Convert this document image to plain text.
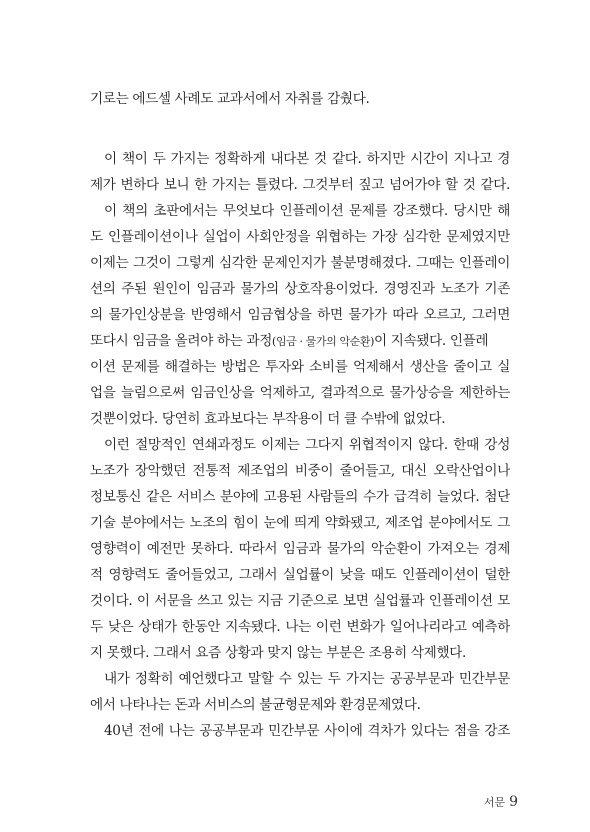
기로는 에드셀 사례도 교과서에서 자취를 감췄다.
이 책이 두 가지는 정확하게 내다본 것 같다. 하지만 시간이 지나고 경
제가 변하다 보니 한 가지는 틀렸다. 그것부터 짚고 넘어가야 할 것 같다.
이 책의 초판에서는 무엇보다 인플레이션 문제를 강조했다. 당시만 해
도 인플레이션이나 실업이 사회안정을 위협하는 가장 심각한 문제였지만
이제는 그것이 그렇게 심각한 문제인지가 불분명해졌다. 그때는 인플레이
션의 주된 원인이 임금과 물가의 상호작용이었다. 경영진과 노조가 기존
의 물가인상분을 반영해서 임금협상을 하면 물가가 따라 오르고, 그러면
또다시 임금을 올려야 하는 과정(임금 · 물가의 악순환)이 지속됐다. 인플레
이션 문제를 해결하는 방법은 투자와 소비를 억제해서 생산을 줄이고 실
업을 늘림으로써 임금인상을 억제하고, 결과적으로 물가상승을 제한하는
것뿐이었다. 당연히 효과보다는 부작용이 더 클 수밖에 없었다.
이런 절망적인 연쇄과정도 이제는 그다지 위협적이지 않다. 한때 강성
노조가 장악했던 전통적 제조업의 비중이 줄어들고, 대신 오락산업이나
정보통신 같은 서비스 분야에 고용된 사람들의 수가 급격히 늘었다. 첨단
기술 분야에서는 노조의 힘이 눈에 띄게 약화됐고, 제조업 분야에서도 그
영향력이 예전만 못하다. 따라서 임금과 물가의 악순환이 가져오는 경제
적 영향력도 줄어들었고, 그래서 실업률이 낮을 때도 인플레이션이 덜한
것이다. 이 서문을 쓰고 있는 지금 기준으로 보면 실업률과 인플레이션 모
두 낮은 상태가 한동안 지속됐다. 나는 이런 변화가 일어나리라고 예측하
지 못했다. 그래서 요즘 상황과 맞지 않는 부분은 조용히 삭제했다.
내가 정확히 예언했다고 말할 수 있는 두 가지는 공공부문과 민간부문
에서 나타나는 돈과 서비스의 불균형문제와 환경문제였다.
40년 전에 나는 공공부문과 민간부문 사이에 격차가 있다는 점을 강조
서문 9
